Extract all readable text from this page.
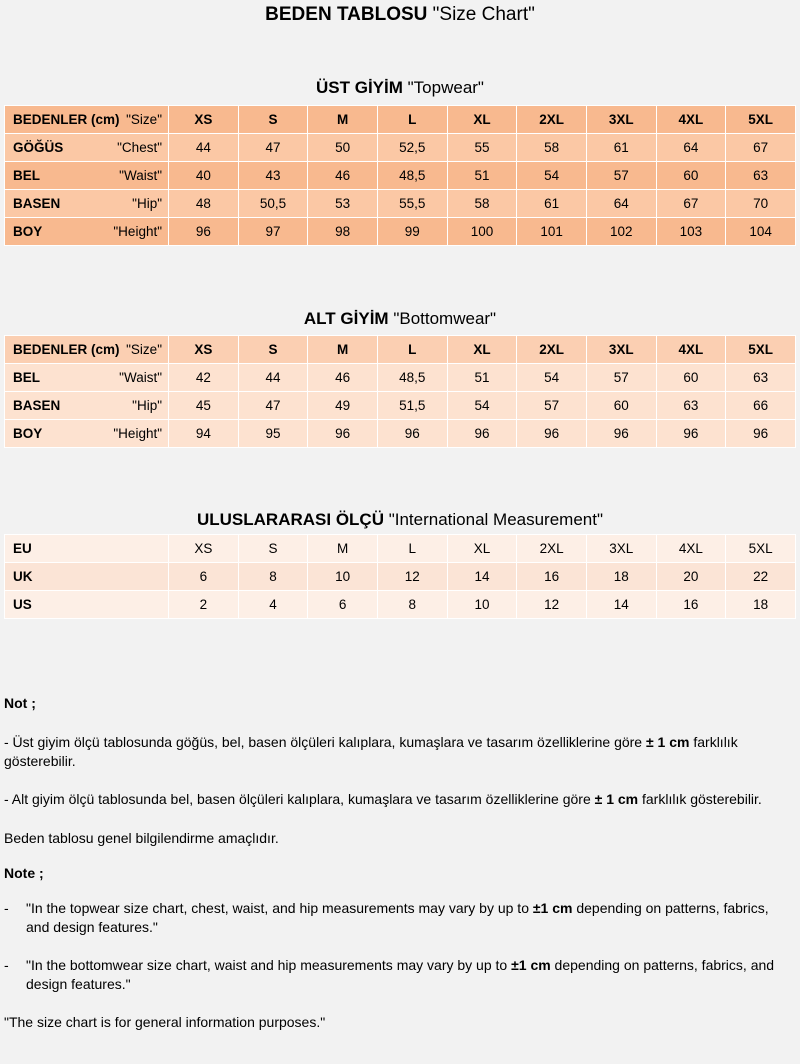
BEDEN TABLOSU "Size Chart"
ÜST GİYİM "Topwear"
BEDENLER (cm) "Size"	XS	S	M	L	XL	2XL	3XL	4XL	5XL

GÖĞÜS "Chest"	44	47	50	52,5	55	58	61	64	67

BEL "Waist"	40	43	46	48,5	51	54	57	60	63

BASEN "Hip"	48	50,5	53	55,5	58	61	64	67	70

BOY "Height"	96	97	98	99	100	101	102	103	104
ALT GİYİM "Bottomwear"
BEDENLER (cm) "Size"	XS	S	M	L	XL	2XL	3XL	4XL	5XL

BEL "Waist"	42	44	46	48,5	51	54	57	60	63

BASEN "Hip"	45	47	49	51,5	54	57	60	63	66

BOY "Height"	94	95	96	96	96	96	96	96	96
ULUSLARARASI ÖLÇÜ "International Measurement"
EU	XS	S	M	L	XL	2XL	3XL	4XL	5XL

UK	6	8	10	12	14	16	18	20	22

US	2	4	6	8	10	12	14	16	18

Not ;

- Üst giyim ölçü tablosunda göğüs, bel, basen ölçüleri kalıplara, kumaşlara ve tasarım özelliklerine göre ± 1 cm farklılık gösterebilir.

- Alt giyim ölçü tablosunda bel, basen ölçüleri kalıplara, kumaşlara ve tasarım özelliklerine göre ± 1 cm farklılık gösterebilir.

Beden tablosu genel bilgilendirme amaçlıdır.

Note ;

- "In the topwear size chart, chest, waist, and hip measurements may vary by up to ±1 cm depending on patterns, fabrics, and design features."

- "In the bottomwear size chart, waist and hip measurements may vary by up to ±1 cm depending on patterns, fabrics, and design features."

"The size chart is for general information purposes."
